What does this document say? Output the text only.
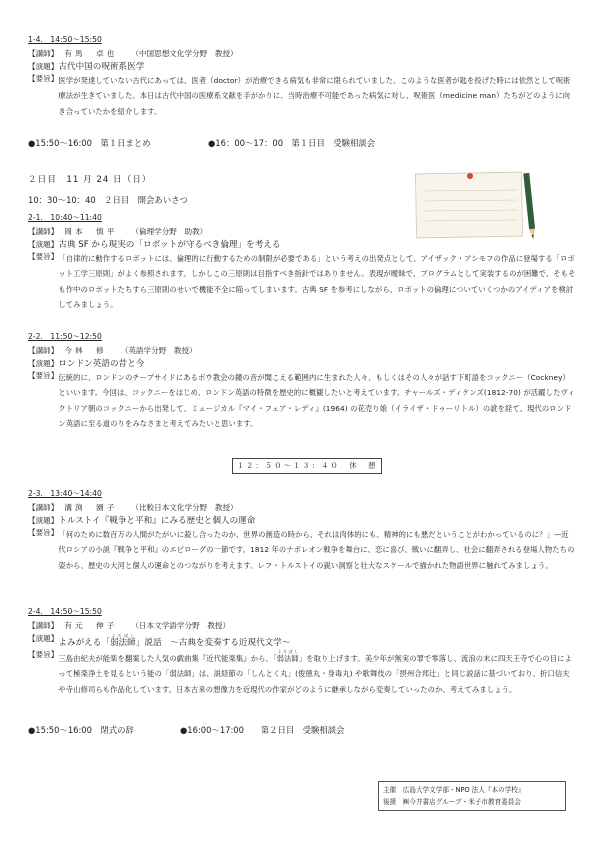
1-4.　14:50～15:50
【講師】 有馬　卓也 （中国思想文化学分野　教授）
【演題】 古代中国の呪術系医学
【要旨】 医学が発達していない古代にあっては、医者（doctor）が治療できる病気も非常に限られていました。このような医者が匙を投げた時には依然として呪術療法が生きていました。本日は古代中国の医療系文献を手がかりに、当時治療不可能であった病気に対し、呪術医（medicine man）たちがどのように向き合っていたかを紹介します。
●15:50～16:00　第１日まとめ	●16：00～17：00　第１日目　受験相談会
２日目　11 月 24 日（日）
10：30～10：40　２日目　開会あいさつ
2-1.　10:40～11:40
【講師】 岡本　慎平 （倫理学分野　助教）
【演題】 古典 SF から現実の「ロボットが守るべき倫理」を考える
【要旨】 「自律的に動作するロボットには、倫理的に行動するための制限が必要である」という考えの出発点として、アイザック・アシモフの作品に登場する「ロボット工学三原則」がよく参照されます。しかしこの三原則は目指すべき指針ではありません。表現が曖昧で、プログラムとして実装するのが困難で、そもそも作中のロボットたちすら三原則のせいで機能不全に陥ってしまいます。古典 SF を参考にしながら、ロボットの倫理についていくつかのアイディアを検討してみましょう。
2-2.　11:50～12:50
【講師】 今林　修 （英語学分野　教授）
【演題】 ロンドン英語の昔と今
【要旨】 伝統的に、ロンドンのチープサイドにあるボウ教会の鐘の音が聞こえる範囲内に生まれた人々、もしくはその人々が話す下町語をコックニー（Cockney）といいます。今回は、コックニーをはじめ、ロンドン英語の特徴を歴史的に概観したいと考えています。チャールズ・ディケンズ(1812-70) が活躍したヴィクトリア朝のコックニーから出発して、ミュージカル『マイ・フェア・レディ』(1964) の花売り娘（イライザ・ドゥーリトル）の訛を経て、現代のロンドン英語に至る道のりをみなさまと考えてみたいと思います。
１２：５０～１３：４０　休　憩
2-3.　13:40～14:40
【講師】 溝渕　園子 （比較日本文化学分野　教授）
【演題】 トルストイ『戦争と平和』にみる歴史と個人の運命
【要旨】 「何のために数百万の人間がたがいに殺し合ったのか、世界の創造の時から、それは肉体的にも、精神的にも悪だということがわかっているのに？」—近代ロシアの小説『戦争と平和』のエピローグの一節です。1812 年のナポレオン戦争を舞台に、恋に喜び、戦いに翻弄し、社会に翻弄される登場人物たちの姿から、歴史の大河と個人の運命とのつながりを考えます。レフ・トルストイの鋭い洞察と壮大なスケールで描かれた物語世界に触れてみましょう。
2-4.　14:50～15:50
【講師】 有元　伸子 （日本文学語学分野　教授）
【演題】 よみがえる「弱法師よろぼし」説話　～古典を変奏する近現代文学～
【要旨】 三島由紀夫が能楽を翻案した人気の戯曲集『近代能楽集』から、「弱法師よろぼし」を取り上げます。美少年が無実の罪で零落し、流浪の末に四天王寺で心の目によって極楽浄土を見るという能の「弱法師」は、説経節の「しんとく丸」(俊徳丸・身毒丸) や歌舞伎の「摂州合邦辻」と同じ説話に基づいており、折口信夫や寺山修司らも作品化しています。日本古来の想像力を近現代の作家がどのように継承しながら変奏していったのか、考えてみましょう。
●15:50～16:00　閉式の辞	●16:00～17:00　　第２日目　受験相談会
主催　広島大学文学部・NPO 法人『本の学校』
後援　㈱今井書店グループ・米子市教育委員会
